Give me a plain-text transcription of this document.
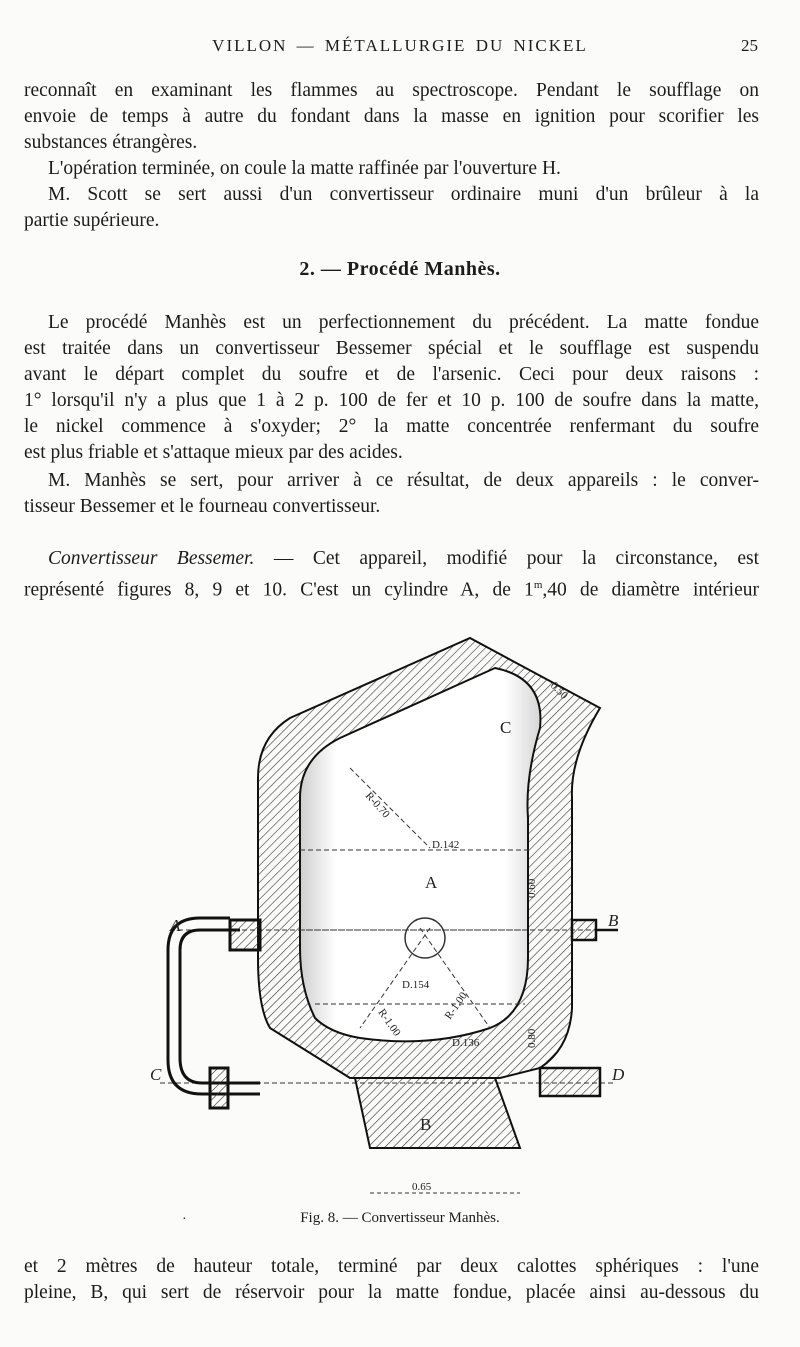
VILLON — MÉTALLURGIE DU NICKEL	25

reconnaît en examinant les flammes au spectroscope. Pendant le soufflage on
envoie de temps à autre du fondant dans la masse en ignition pour scorifier les
substances étrangères.

L'opération terminée, on coule la matte raffinée par l'ouverture H.

M. Scott se sert aussi d'un convertisseur ordinaire muni d'un brûleur à la
partie supérieure.

2. — Procédé Manhès.

Le procédé Manhès est un perfectionnement du précédent. La matte fondue
est traitée dans un convertisseur Bessemer spécial et le soufflage est suspendu
avant le départ complet du soufre et de l'arsenic. Ceci pour deux raisons :
1° lorsqu'il n'y a plus que 1 à 2 p. 100 de fer et 10 p. 100 de soufre dans la matte,
le nickel commence à s'oxyder; 2° la matte concentrée renfermant du soufre
est plus friable et s'attaque mieux par des acides.

M. Manhès se sert, pour arriver à ce résultat, de deux appareils : le conver-
tisseur Bessemer et le fourneau convertisseur.

Convertisseur Bessemer. — Cet appareil, modifié pour la circonstance, est
représenté figures 8, 9 et 10. C'est un cylindre A, de 1$^m$,40 de diamètre intérieur

A
C
B
A	B
C	D
D.142
D.154
D.136
R-0.70
R-1.00
R-1.00
0.60
0.80
0.50
0.65
·	Fig. 8. — Convertisseur Manhès.

et 2 mètres de hauteur totale, terminé par deux calottes sphériques : l'une
pleine, B, qui sert de réservoir pour la matte fondue, placée ainsi au-dessous du
